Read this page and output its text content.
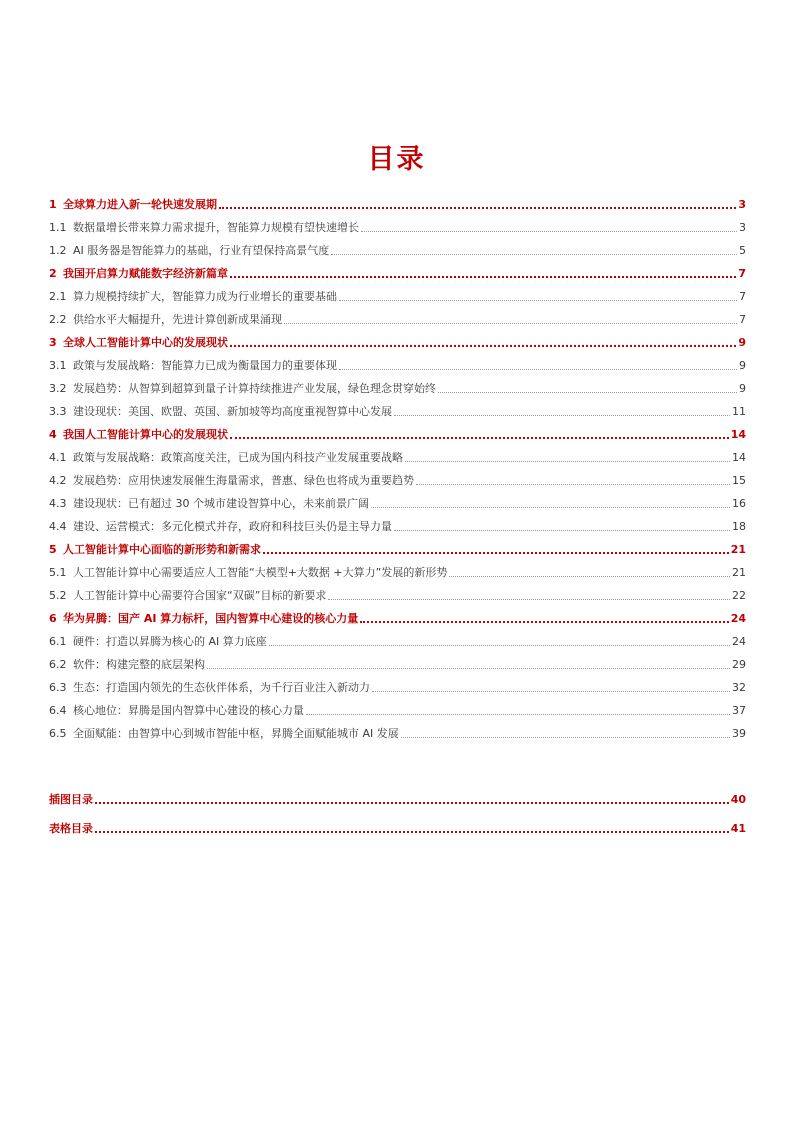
目录
1 全球算力进入新一轮快速发展期	3
1.1 数据量增长带来算力需求提升，智能算力规模有望快速增长	3
1.2 AI 服务器是智能算力的基础，行业有望保持高景气度	5
2 我国开启算力赋能数字经济新篇章	7
2.1 算力规模持续扩大，智能算力成为行业增长的重要基础	7
2.2 供给水平大幅提升，先进计算创新成果涌现	7
3 全球人工智能计算中心的发展现状	9
3.1 政策与发展战略：智能算力已成为衡量国力的重要体现	9
3.2 发展趋势：从智算到超算到量子计算持续推进产业发展，绿色理念贯穿始终	9
3.3 建设现状：美国、欧盟、英国、新加坡等均高度重视智算中心发展	11
4 我国人工智能计算中心的发展现状	14
4.1 政策与发展战略：政策高度关注，已成为国内科技产业发展重要战略	14
4.2 发展趋势：应用快速发展催生海量需求，普惠、绿色也将成为重要趋势	15
4.3 建设现状：已有超过 30 个城市建设智算中心，未来前景广阔	16
4.4 建设、运营模式：多元化模式并存，政府和科技巨头仍是主导力量	18
5 人工智能计算中心面临的新形势和新需求	21
5.1 人工智能计算中心需要适应人工智能“大模型+大数据 +大算力”发展的新形势	21
5.2 人工智能计算中心需要符合国家“双碳”目标的新要求	22
6 华为昇腾：国产 AI 算力标杆，国内智算中心建设的核心力量	24
6.1 硬件：打造以昇腾为核心的 AI 算力底座	24
6.2 软件：构建完整的底层架构	29
6.3 生态：打造国内领先的生态伙伴体系，为千行百业注入新动力	32
6.4 核心地位：昇腾是国内智算中心建设的核心力量	37
6.5 全面赋能：由智算中心到城市智能中枢，昇腾全面赋能城市 AI 发展	39
插图目录	40
表格目录	41
